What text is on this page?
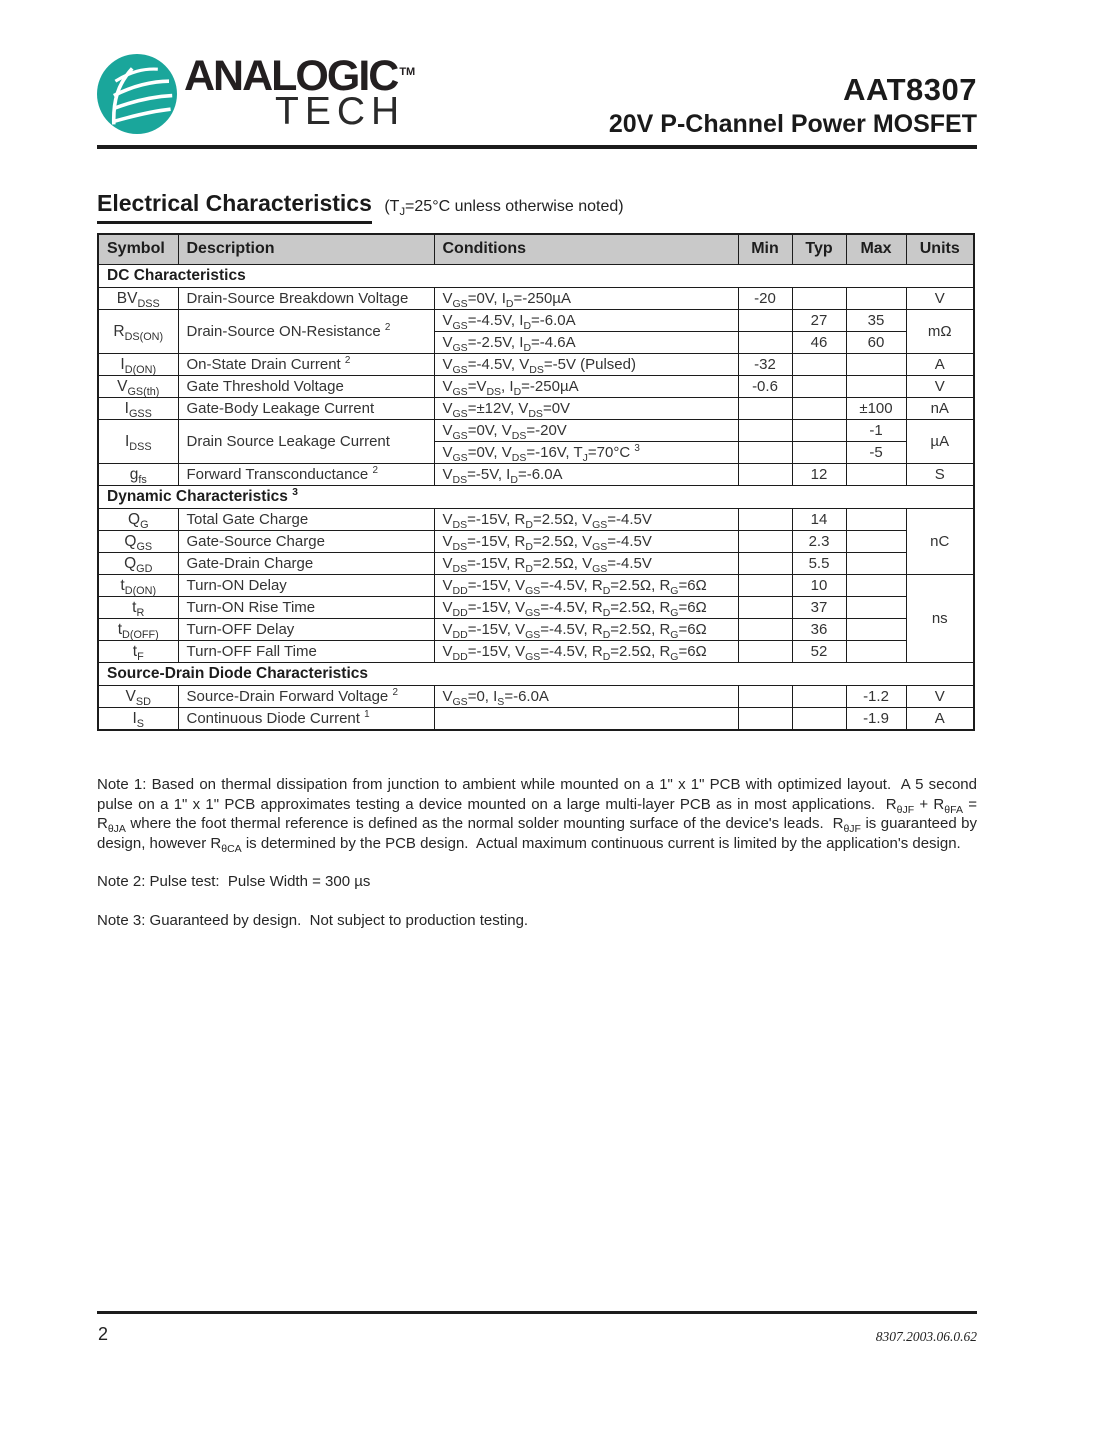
ANALOGIC ™
TECH
AAT8307
20V P-Channel Power MOSFET
Electrical Characteristics ($T_J=25^\circ C$ unless otherwise noted)
Symbol	Description	Conditions	Min	Typ	Max	Units
DC Characteristics						
$BV_{DSS}$	Drain-Source Breakdown Voltage	$V_{GS}=0V$, $I_D=-250\mu A$	-20			V
$R_{DS(ON)}$	Drain-Source ON-Resistance $^2$	$V_{GS}=-4.5V$, $I_D=-6.0A$		27	35	mΩ
		$V_{GS}=-2.5V$, $I_D=-4.6A$		46	60	
$I_{D(ON)}$	On-State Drain Current $^2$	$V_{GS}=-4.5V$, $V_{DS}=-5V$ (Pulsed)	-32			A
$V_{GS(th)}$	Gate Threshold Voltage	$V_{GS}=V_{DS}$, $I_D=-250\mu A$	-0.6			V
$I_{GSS}$	Gate-Body Leakage Current	$V_{GS}=\pm 12V$, $V_{DS}=0V$			±100	nA
$I_{DSS}$	Drain Source Leakage Current	$V_{GS}=0V$, $V_{DS}=-20V$			-1	µA
		$V_{GS}=0V$, $V_{DS}=-16V$, $T_J=70^\circ C$ $^3$			-5	
$g_{fs}$	Forward Transconductance $^2$	$V_{DS}=-5V$, $I_D=-6.0A$		12		S
Dynamic Characteristics $^3$
$Q_G$	Total Gate Charge	$V_{DS}=-15V$, $R_D=2.5\Omega$, $V_{GS}=-4.5V$		14		nC
$Q_{GS}$	Gate-Source Charge	$V_{DS}=-15V$, $R_D=2.5\Omega$, $V_{GS}=-4.5V$		2.3		
$Q_{GD}$	Gate-Drain Charge	$V_{DS}=-15V$, $R_D=2.5\Omega$, $V_{GS}=-4.5V$		5.5		
$t_{D(ON)}$	Turn-ON Delay	$V_{DD}=-15V$, $V_{GS}=-4.5V$, $R_D=2.5\Omega$, $R_G=6\Omega$		10		ns
$t_R$	Turn-ON Rise Time	$V_{DD}=-15V$, $V_{GS}=-4.5V$, $R_D=2.5\Omega$, $R_G=6\Omega$		37		
$t_{D(OFF)}$	Turn-OFF Delay	$V_{DD}=-15V$, $V_{GS}=-4.5V$, $R_D=2.5\Omega$, $R_G=6\Omega$		36		
$t_F$	Turn-OFF Fall Time	$V_{DD}=-15V$, $V_{GS}=-4.5V$, $R_D=2.5\Omega$, $R_G=6\Omega$		52		
Source-Drain Diode Characteristics						
$V_{SD}$	Source-Drain Forward Voltage $^2$	$V_{GS}=0$, $I_S=-6.0A$			-1.2	V
$I_S$	Continuous Diode Current $^1$				-1.9	A

Note 1: Based on thermal dissipation from junction to ambient while mounted on a 1" x 1" PCB with optimized layout.  A 5 second pulse on a 1" x 1" PCB approximates testing a device mounted on a large multi-layer PCB as in most applications.  $R_{\theta JF} + R_{\theta FA} = R_{\theta JA}$ where the foot thermal reference is defined as the normal solder mounting surface of the device's leads.  $R_{\theta JF}$ is guaranteed by design, however $R_{\theta CA}$ is determined by the PCB design.  Actual maximum continuous current is limited by the application's design.

Note 2: Pulse test:  Pulse Width = 300 µs

Note 3: Guaranteed by design.  Not subject to production testing.

2	8307.2003.06.0.62
